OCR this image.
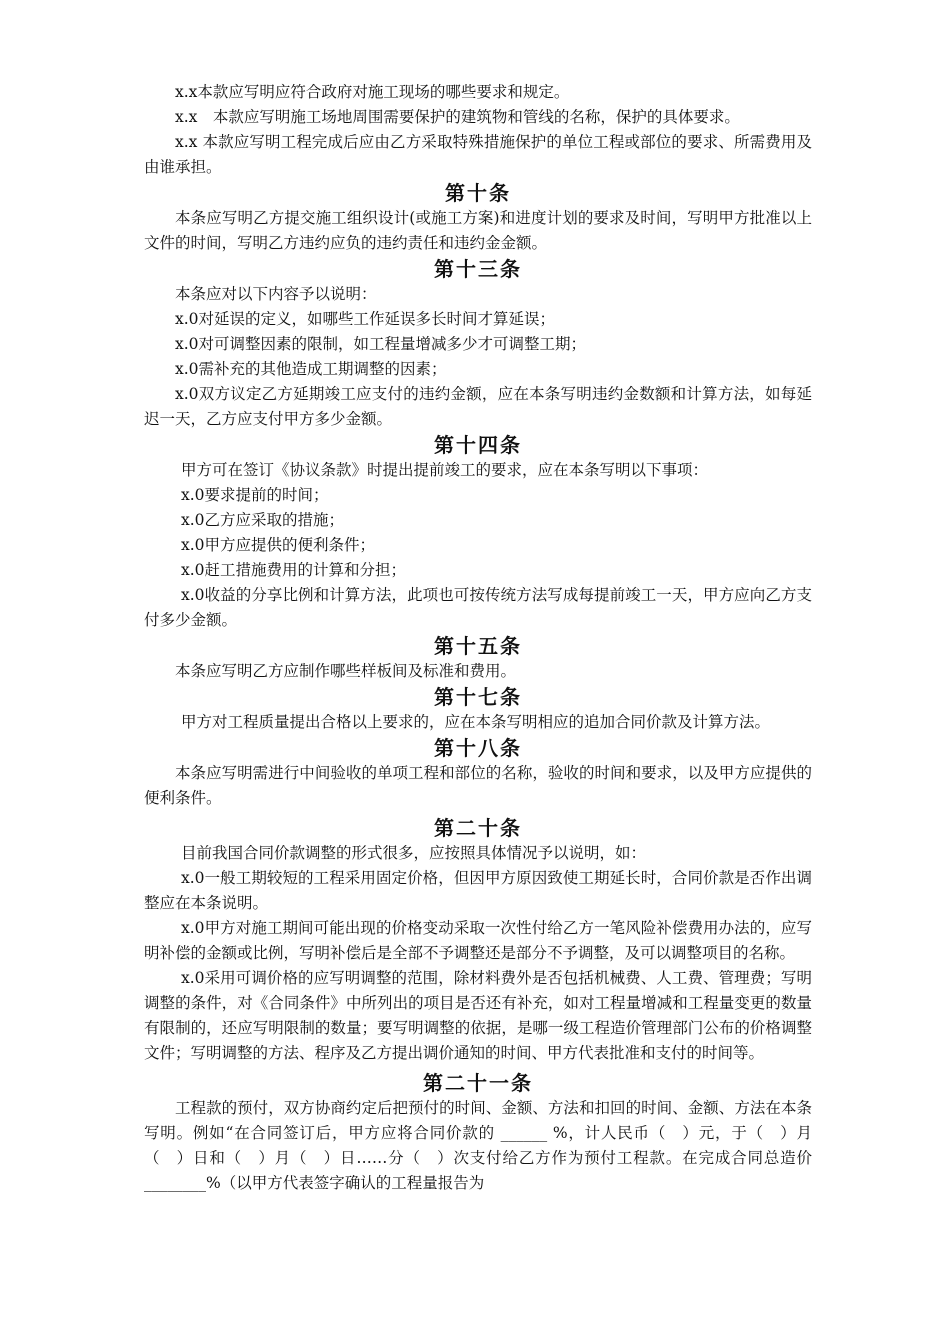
x.x本款应写明应符合政府对施工现场的哪些要求和规定。

x.x　本款应写明施工场地周围需要保护的建筑物和管线的名称，保护的具体要求。

x.x 本款应写明工程完成后应由乙方采取特殊措施保护的单位工程或部位的要求、所需费用及由谁承担。

第十条

本条应写明乙方提交施工组织设计(或施工方案)和进度计划的要求及时间，写明甲方批准以上文件的时间，写明乙方违约应负的违约责任和违约金金额。

第十三条

本条应对以下内容予以说明：

x.0对延误的定义，如哪些工作延误多长时间才算延误；

x.0对可调整因素的限制，如工程量增减多少才可调整工期；

x.0需补充的其他造成工期调整的因素；

x.0双方议定乙方延期竣工应支付的违约金额，应在本条写明违约金数额和计算方法，如每延迟一天，乙方应支付甲方多少金额。

第十四条

甲方可在签订《协议条款》时提出提前竣工的要求，应在本条写明以下事项：

x.0要求提前的时间；

x.0乙方应采取的措施；

x.0甲方应提供的便利条件；

x.0赶工措施费用的计算和分担；

x.0收益的分享比例和计算方法，此项也可按传统方法写成每提前竣工一天，甲方应向乙方支付多少金额。

第十五条

本条应写明乙方应制作哪些样板间及标准和费用。

第十七条

甲方对工程质量提出合格以上要求的，应在本条写明相应的追加合同价款及计算方法。

第十八条

本条应写明需进行中间验收的单项工程和部位的名称，验收的时间和要求，以及甲方应提供的便利条件。

第二十条

目前我国合同价款调整的形式很多，应按照具体情况予以说明，如：

x.0一般工期较短的工程采用固定价格，但因甲方原因致使工期延长时，合同价款是否作出调整应在本条说明。

x.0甲方对施工期间可能出现的价格变动采取一次性付给乙方一笔风险补偿费用办法的，应写明补偿的金额或比例，写明补偿后是全部不予调整还是部分不予调整，及可以调整项目的名称。

x.0采用可调价格的应写明调整的范围，除材料费外是否包括机械费、人工费、管理费；写明调整的条件，对《合同条件》中所列出的项目是否还有补充，如对工程量增减和工程量变更的数量有限制的，还应写明限制的数量；要写明调整的依据，是哪一级工程造价管理部门公布的价格调整文件；写明调整的方法、程序及乙方提出调价通知的时间、甲方代表批准和支付的时间等。

第二十一条

工程款的预付，双方协商约定后把预付的时间、金额、方法和扣回的时间、金额、方法在本条写明。例如“在合同签订后，甲方应将合同价款的 ______ %，计人民币（　）元，于（　）月（　）日和（　）月（　）日……分（　）次支付给乙方作为预付工程款。在完成合同总造价________%（以甲方代表签字确认的工程量报告为
